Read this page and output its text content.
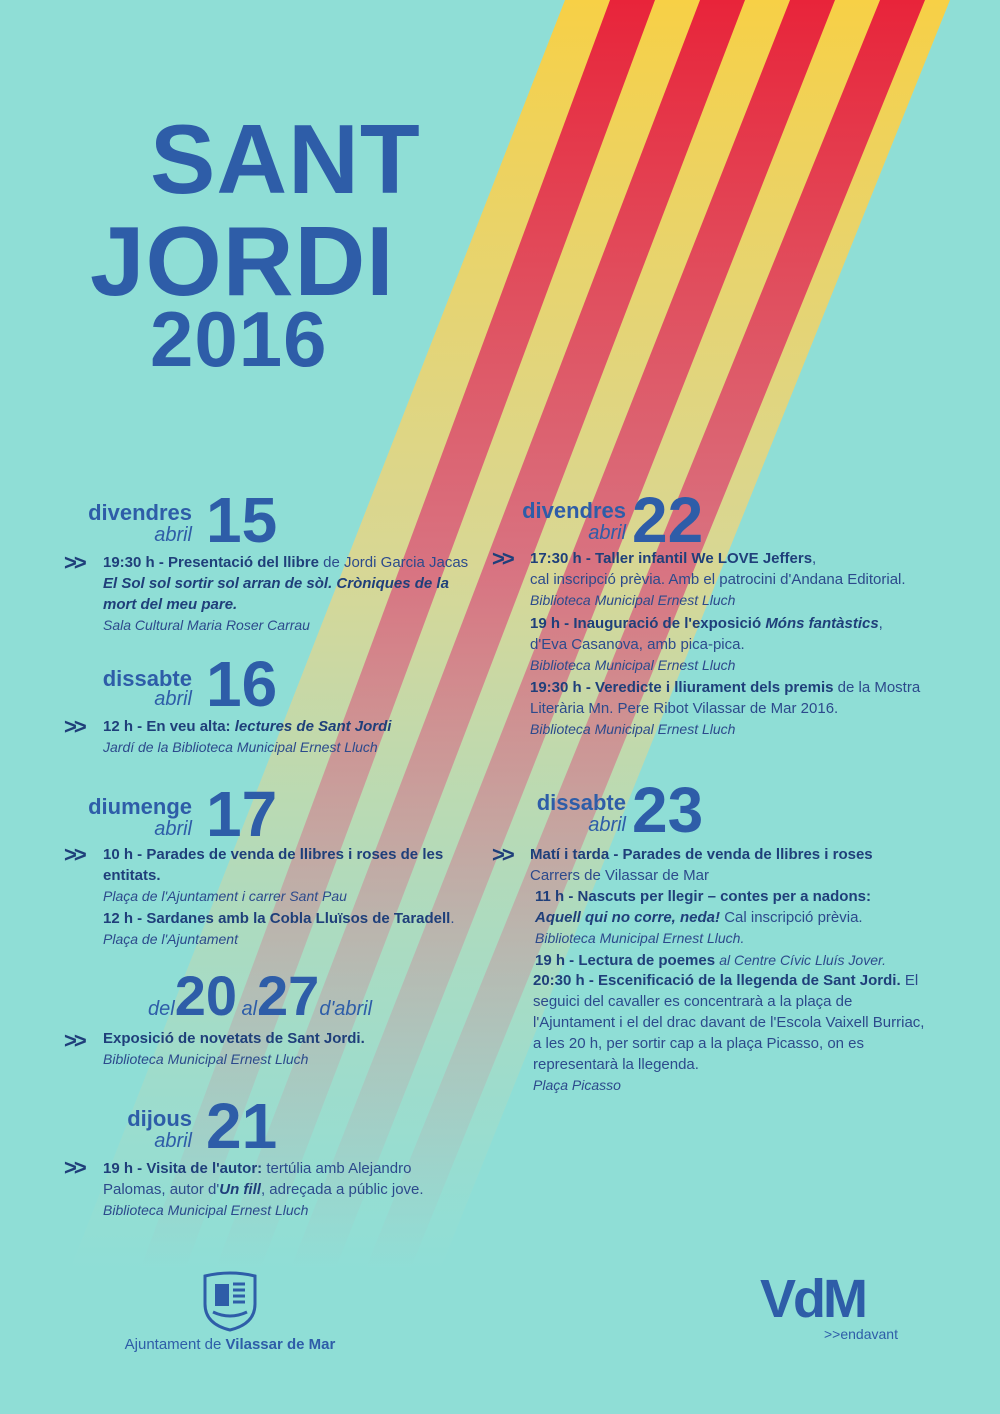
SANT
JORDI
2016
divendres
abril 15
>> 19:30 h - Presentació del llibre de Jordi Garcia Jacas El Sol sol sortir sol arran de sòl. Cròniques de la mort del meu pare.
Sala Cultural Maria Roser Carrau
dissabte
abril 16
>> 12 h - En veu alta: lectures de Sant Jordi
Jardí de la Biblioteca Municipal Ernest Lluch
diumenge
abril 17
>> 10 h - Parades de venda de llibres i roses de les entitats.
Plaça de l'Ajuntament i carrer Sant Pau
12 h - Sardanes amb la Cobla Lluïsos de Taradell. Plaça de l'Ajuntament
del20 al27d'abril
>> Exposició de novetats de Sant Jordi.
Biblioteca Municipal Ernest Lluch
dijous
abril 21
>> 19 h - Visita de l'autor: tertúlia amb Alejandro Palomas, autor d'Un fill, adreçada a públic jove.
Biblioteca Municipal Ernest Lluch
divendres
abril 22
>> 17:30 h - Taller infantil We LOVE Jeffers,
cal inscripció prèvia. Amb el patrocini d'Andana Editorial.
Biblioteca Municipal Ernest Lluch
19 h - Inauguració de l'exposició Móns fantàstics,
d'Eva Casanova, amb pica-pica.
Biblioteca Municipal Ernest Lluch
19:30 h - Veredicte i lliurament dels premis de la Mostra Literària Mn. Pere Ribot Vilassar de Mar 2016.
Biblioteca Municipal Ernest Lluch
dissabte
abril 23
>> Matí i tarda - Parades de venda de llibres i roses
Carrers de Vilassar de Mar
11 h - Nascuts per llegir – contes per a nadons:
Aquell qui no corre, neda! Cal inscripció prèvia.
Biblioteca Municipal Ernest Lluch.
19 h - Lectura de poemes al Centre Cívic Lluís Jover.
20:30 h - Escenificació de la llegenda de Sant Jordi. El seguici del cavaller es concentrarà a la plaça de l'Ajuntament i el del drac davant de l'Escola Vaixell Burriac, a les 20 h, per sortir cap a la plaça Picasso, on es representarà la llegenda.
Plaça Picasso
Ajuntament de Vilassar de Mar
VdM
>>endavant
